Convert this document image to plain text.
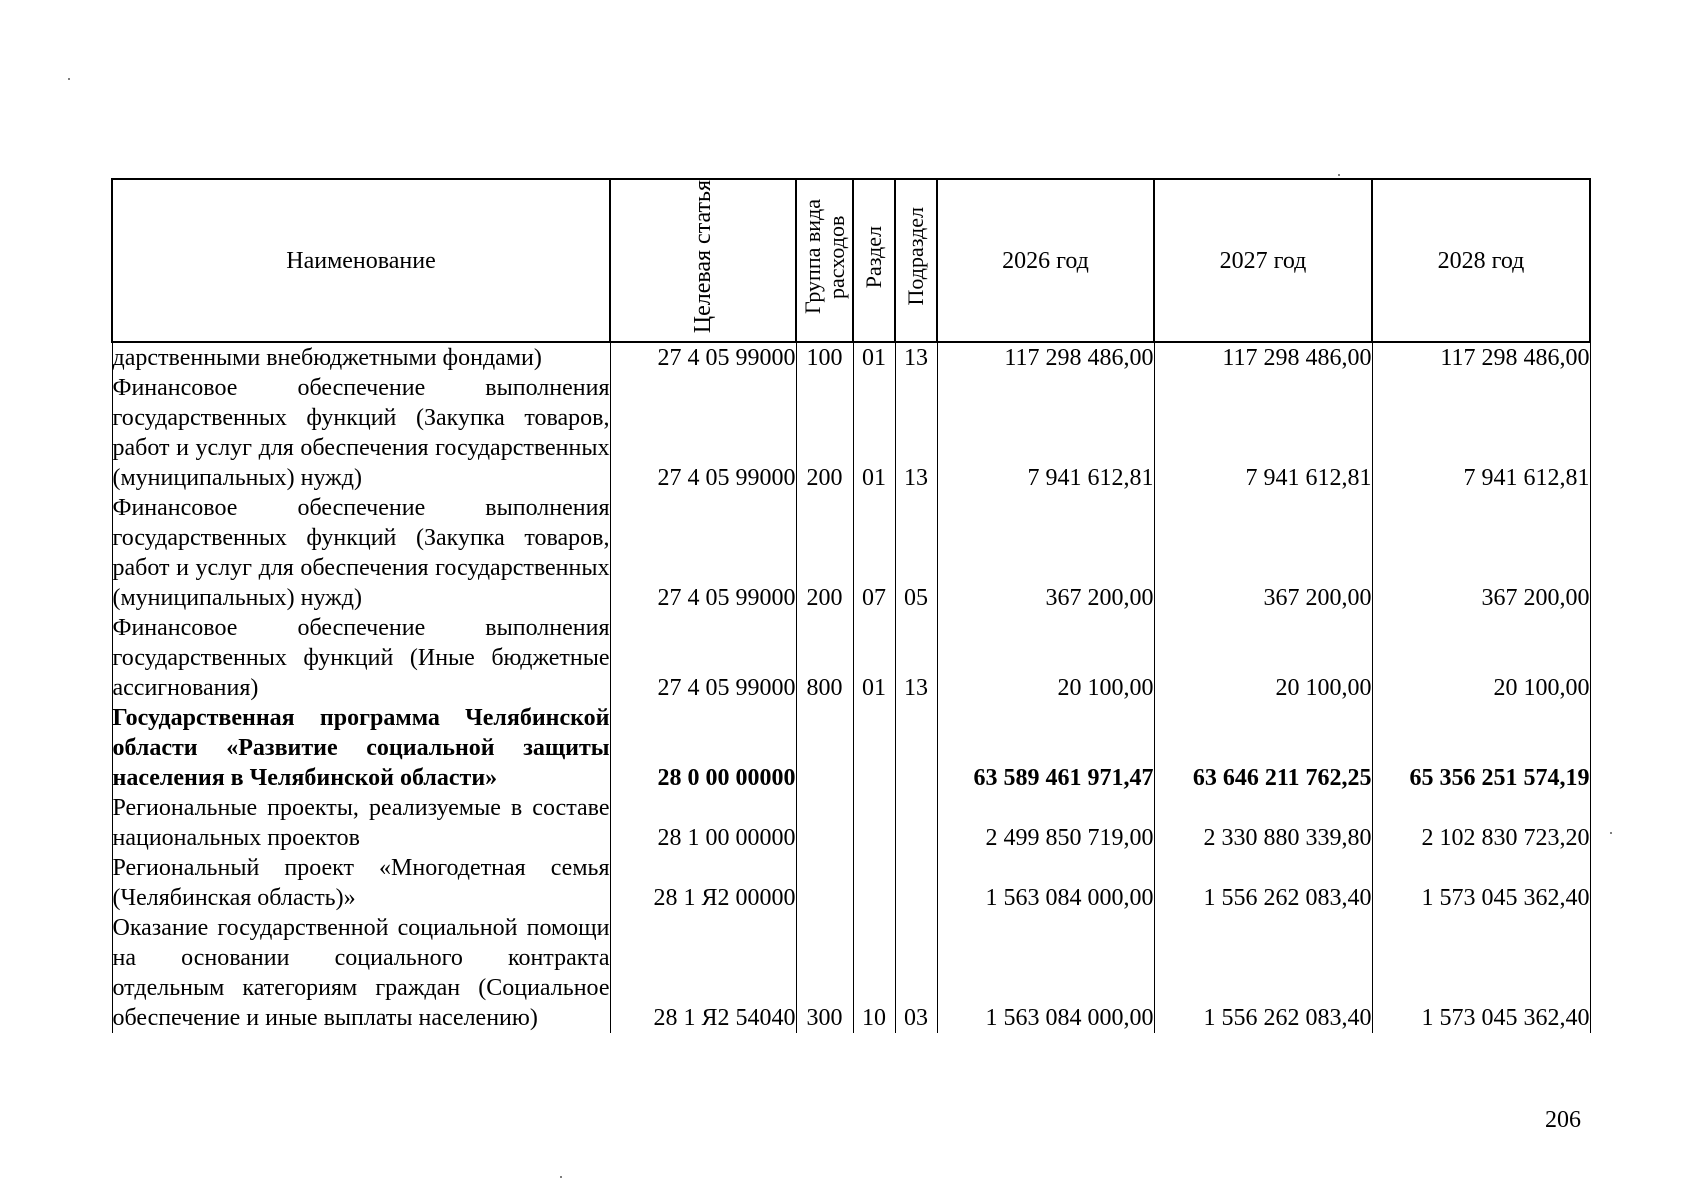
Наименование	Целевая статья	Группа вида расходов	Раздел	Подраздел	2026 год	2027 год	2028 год
дарственными внебюджетными фондами)	27 4 05 99000	100	01	13	117 298 486,00	117 298 486,00	117 298 486,00
Финансовое обеспечение выполнения государственных функций (Закупка товаров, работ и услуг для обеспечения государственных (муниципальных) нужд)	27 4 05 99000	200	01	13	7 941 612,81	7 941 612,81	7 941 612,81
Финансовое обеспечение выполнения государственных функций (Закупка товаров, работ и услуг для обеспечения государственных (муниципальных) нужд)	27 4 05 99000	200	07	05	367 200,00	367 200,00	367 200,00
Финансовое обеспечение выполнения государственных функций (Иные бюджетные ассигнования)	27 4 05 99000	800	01	13	20 100,00	20 100,00	20 100,00
Государственная программа Челябинской области «Развитие социальной защиты населения в Челябинской области»	28 0 00 00000				63 589 461 971,47	63 646 211 762,25	65 356 251 574,19
Региональные проекты, реализуемые в составе национальных проектов	28 1 00 00000				2 499 850 719,00	2 330 880 339,80	2 102 830 723,20
Региональный проект «Многодетная семья (Челябинская область)»	28 1 Я2 00000				1 563 084 000,00	1 556 262 083,40	1 573 045 362,40
Оказание государственной социальной помощи на основании социального контракта отдельным категориям граждан (Социальное обеспечение и иные выплаты населению)	28 1 Я2 54040	300	10	03	1 563 084 000,00	1 556 262 083,40	1 573 045 362,40
206
